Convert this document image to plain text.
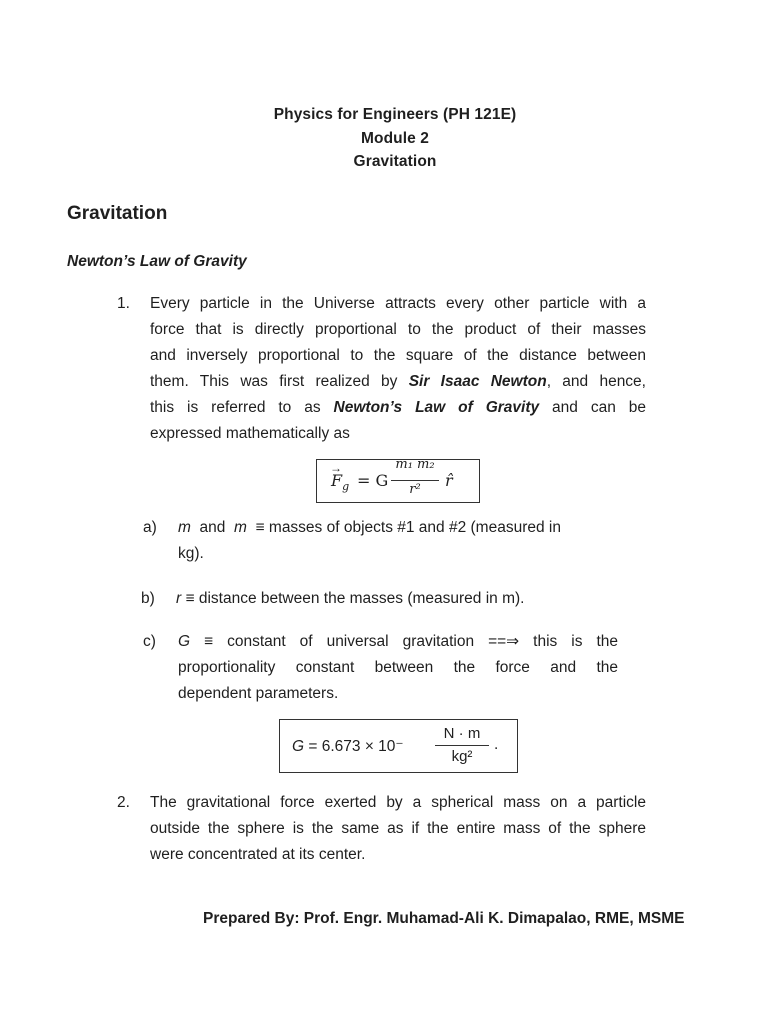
Physics for Engineers (PH 121E)
Module 2
Gravitation
Gravitation
Newton’s Law of Gravity
1. Every particle in the Universe attracts every other particle with a
force that is directly proportional to the product of their masses
and inversely proportional to the square of the distance between
them. This was first realized by Sir Isaac Newton, and hence,
this is referred to as Newton’s Law of Gravity and can be
expressed mathematically as
$F_g$
→
= G
m₁ m₂
r²	r̂
a) m  and  m  ≡ masses of objects #1 and #2 (measured in
kg).
b) r ≡ distance between the masses (measured in m).
c) G ≡ constant of universal gravitation ==⇒ this is the
proportionality constant between the force and the
dependent parameters.
G = 6.673 × 10⁻
N · m
kg²
.
2. The gravitational force exerted by a spherical mass on a particle
outside the sphere is the same as if the entire mass of the sphere
were concentrated at its center.
Prepared By: Prof. Engr. Muhamad-Ali K. Dimapalao, RME, MSME
